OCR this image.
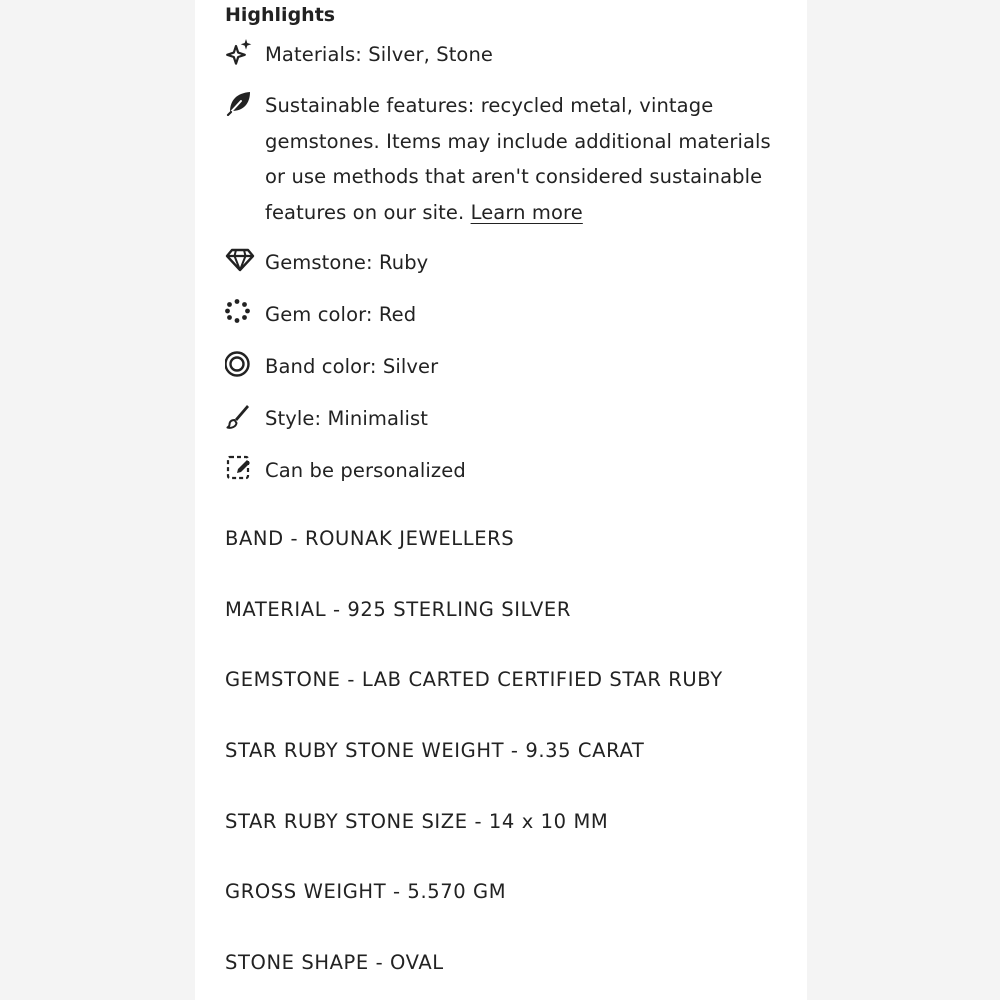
Highlights
Materials: Silver, Stone
Sustainable features: recycled metal, vintage gemstones. Items may include additional materials or use methods that aren't considered sustainable features on our site. Learn more
Gemstone: Ruby
Gem color: Red
Band color: Silver
Style: Minimalist
Can be personalized
BAND - ROUNAK JEWELLERS
MATERIAL - 925 STERLING SILVER
GEMSTONE - LAB CARTED CERTIFIED STAR RUBY
STAR RUBY STONE WEIGHT - 9.35 CARAT
STAR RUBY STONE SIZE - 14 x 10 MM
GROSS WEIGHT - 5.570 GM
STONE SHAPE - OVAL
